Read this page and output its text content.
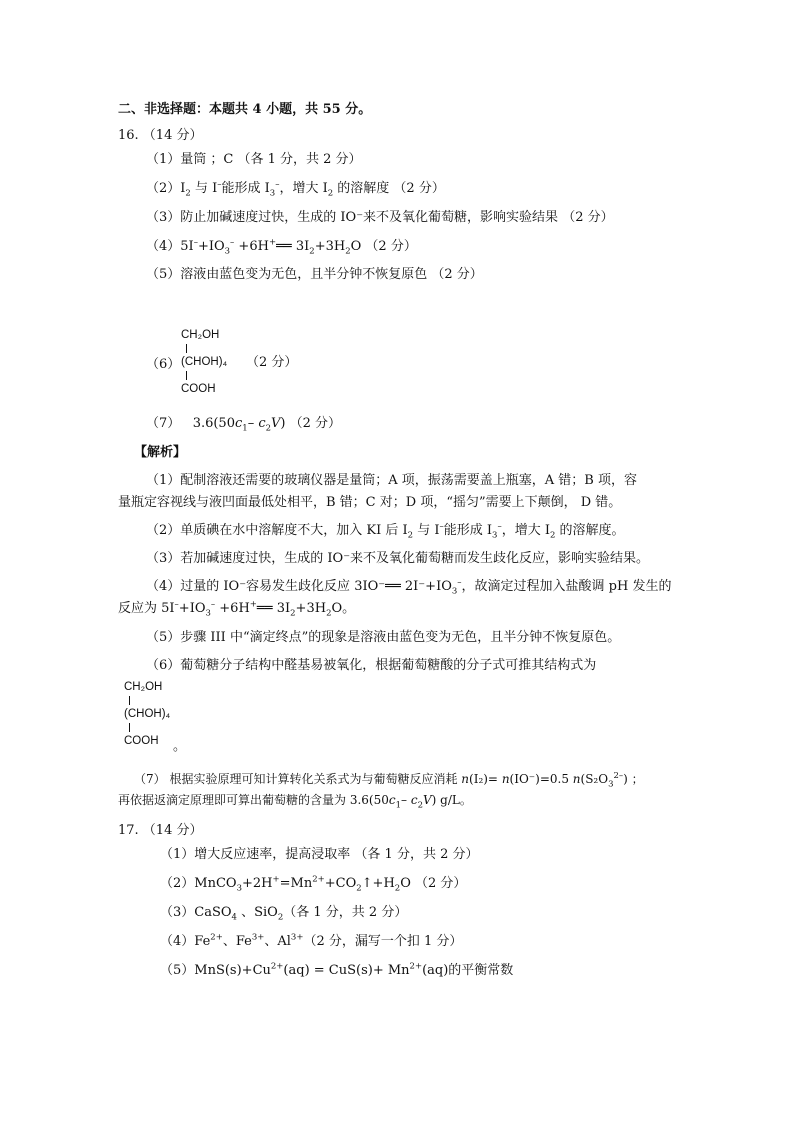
二、非选择题：本题共 4 小题，共 55 分。
16. （14 分）
（1）量筒 ；C （各 1 分，共 2 分）
$(2)I_2$ 与 I–能形成 $I_3^-$，增大 $I_2$ 的溶解度 （2 分）
（3）防止加碱速度过快，生成的 IO⁻来不及氧化葡萄糖，影响实验结果 （2 分）
$(4)5I^-+IO_3^-$ +6H+══ $3I_2+3H_2O$ （2 分）
（5）溶液由蓝色变为无色，且半分钟不恢复原色 （2 分）
CH₂OH
(CHOH)₄
COOH
（6）	（2 分）
（7） $3.6(50c_1-$ $c_2V$) （2 分）
【解析】
（1）配制溶液还需要的玻璃仪器是量筒；A 项，振荡需要盖上瓶塞，A 错；B 项，容
量瓶定容视线与液凹面最低处相平，B 错；C 对；D 项，“摇匀”需要上下颠倒， D 错。
（2）单质碘在水中溶解度不大，加入 KI 后 $I_2$ 与 I–能形成 $I_3^-$，增大 $I_2$ 的溶解度。
（3）若加碱速度过快，生成的 IO⁻来不及氧化葡萄糖而发生歧化反应，影响实验结果。
（4）过量的 IO⁻容易发生歧化反应 3IO⁻══ $2I^-+IO_3^-$，故滴定过程加入盐酸调 pH 发生的
反应为 $5I^-+IO_3^-$ +6H+══ $3I_2+3H_2O$。
（5）步骤 III 中“滴定终点”的现象是溶液由蓝色变为无色，且半分钟不恢复原色。
（6）葡萄糖分子结构中醛基易被氧化，根据葡萄糖酸的分子式可推其结构式为
CH₂OH
(CHOH)₄
COOH	。
（7） 根据实验原理可知计算转化关系式为与葡萄糖反应消耗 n(I₂)= n(IO⁻)=0.5 $n(S_2O_3^{2-})$ ；
再依据返滴定原理即可算出葡萄糖的含量为 $3.6(50c_1-$ $c_2V$) g/L。
17. （14 分）
（1）增大反应速率，提高浸取率 （各 1 分，共 2 分）
$(2)MnCO_3+2H^+=Mn^{2+}+CO_2↑+H_2O$ （2 分）
（3）CaSO$_4$ 、SiO$_2$（各 1 分，共 2 分）
$(4)Fe^{2+}$、$Fe^{3+}$、$Al^{3+}(2$ 分，漏写一个扣 1 分）
$(5)MnS(s)+Cu^{2+}(aq) = CuS(s)+ Mn^{2+}(aq)$的平衡常数
